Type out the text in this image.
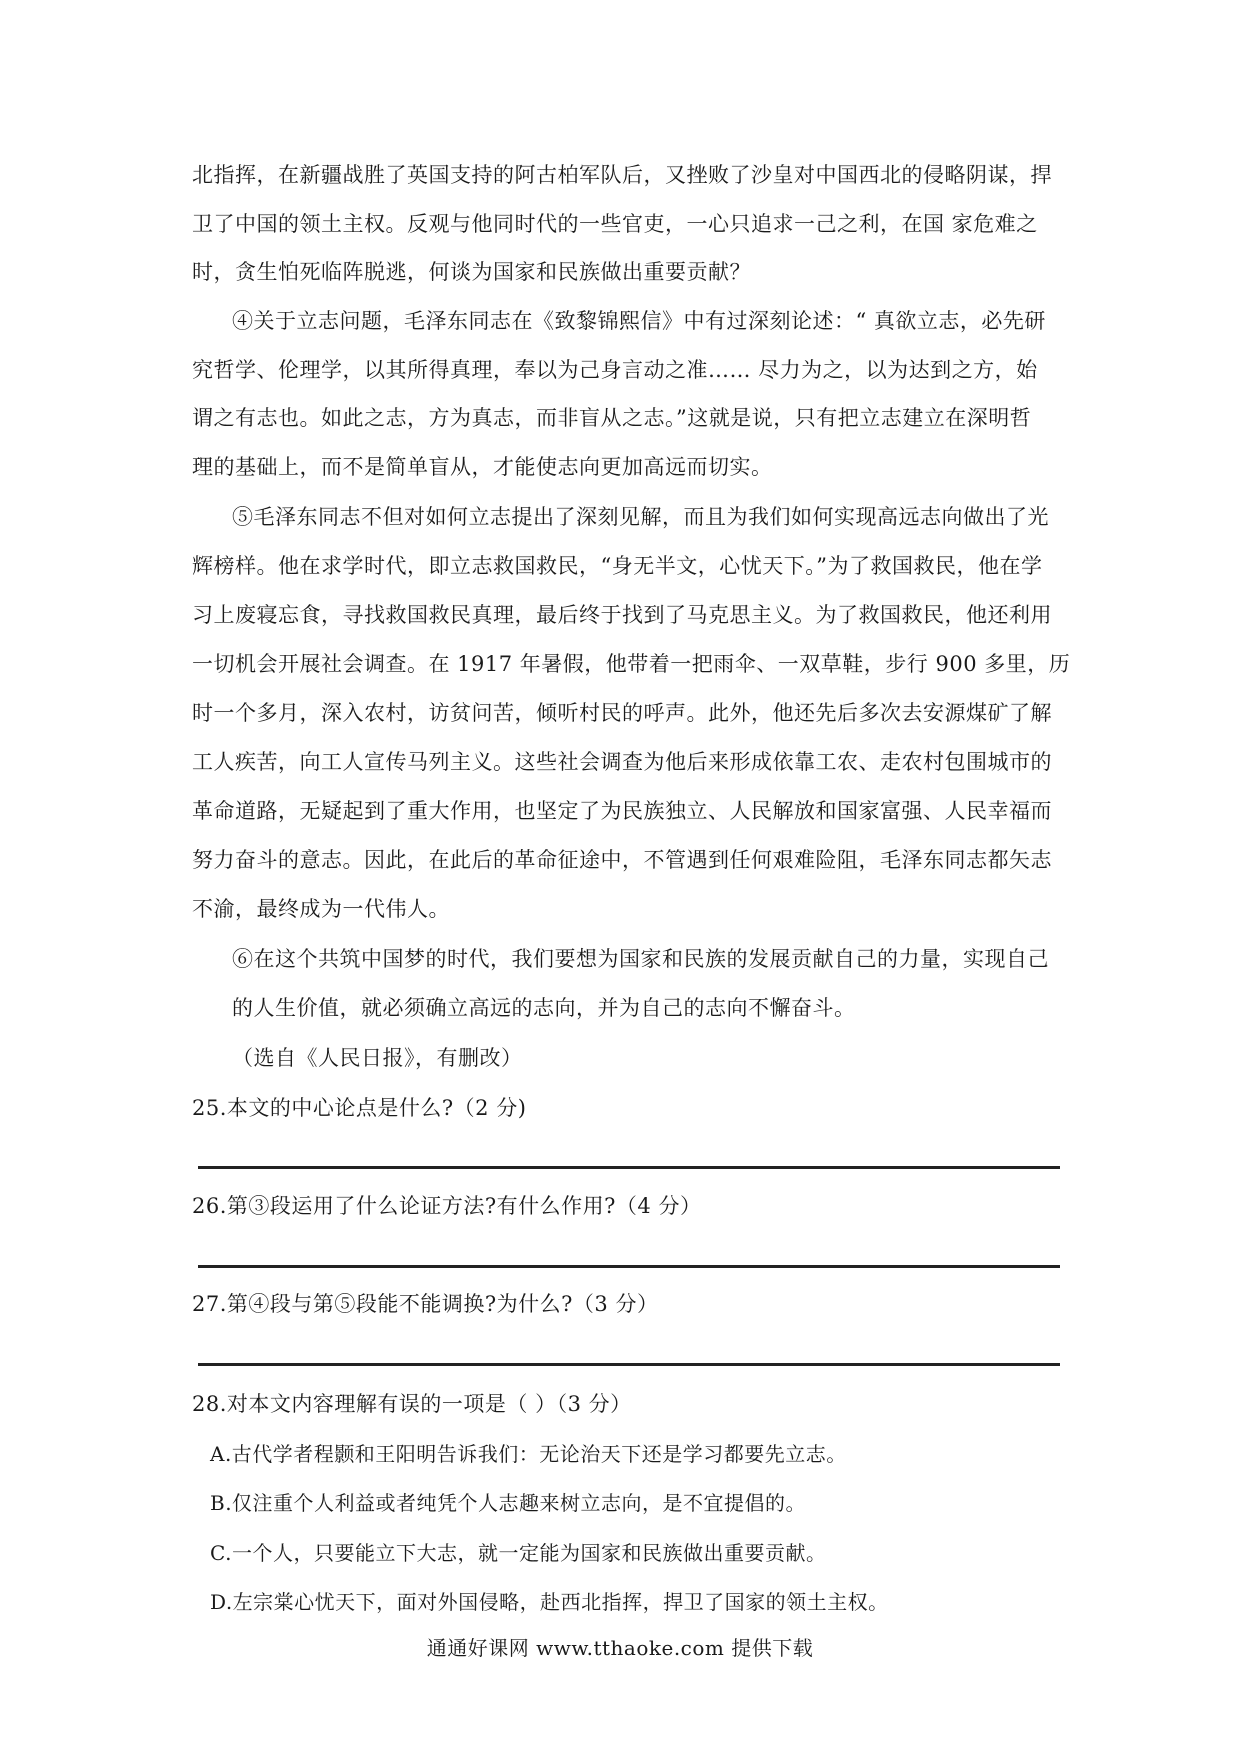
北指挥，在新疆战胜了英国支持的阿古柏军队后，又挫败了沙皇对中国西北的侵略阴谋，捍
卫了中国的领土主权。反观与他同时代的一些官吏，一心只追求一己之利，在国 家危难之
时，贪生怕死临阵脱逃，何谈为国家和民族做出重要贡献？
④关于立志问题，毛泽东同志在《致黎锦熙信》中有过深刻论述：“ 真欲立志，必先研
究哲学、伦理学，以其所得真理，奉以为己身言动之准…… 尽力为之，以为达到之方，始
谓之有志也。如此之志，方为真志，而非盲从之志。”这就是说，只有把立志建立在深明哲
理的基础上，而不是简单盲从，才能使志向更加高远而切实。
⑤毛泽东同志不但对如何立志提出了深刻见解，而且为我们如何实现高远志向做出了光
辉榜样。他在求学时代，即立志救国救民，“身无半文，心忧天下。”为了救国救民，他在学
习上废寝忘食，寻找救国救民真理，最后终于找到了马克思主义。为了救国救民，他还利用
一切机会开展社会调查。在 1917 年暑假，他带着一把雨伞、一双草鞋，步行 900 多里，历
时一个多月，深入农村，访贫问苦，倾听村民的呼声。此外，他还先后多次去安源煤矿了解
工人疾苦，向工人宣传马列主义。这些社会调查为他后来形成依靠工农、走农村包围城市的
革命道路，无疑起到了重大作用，也坚定了为民族独立、人民解放和国家富强、人民幸福而
努力奋斗的意志。因此，在此后的革命征途中，不管遇到任何艰难险阻，毛泽东同志都矢志
不渝，最终成为一代伟人。
⑥在这个共筑中国梦的时代，我们要想为国家和民族的发展贡献自己的力量，实现自己
的人生价值，就必须确立高远的志向，并为自己的志向不懈奋斗。
（选自《人民日报》，有删改）
25.本文的中心论点是什么?（2 分)
26.第③段运用了什么论证方法?有什么作用?（4 分）
27.第④段与第⑤段能不能调换?为什么?（3 分）
28.对本文内容理解有误的一项是（ ）（3 分）
A.古代学者程颢和王阳明告诉我们：无论治天下还是学习都要先立志。
B.仅注重个人利益或者纯凭个人志趣来树立志向，是不宜提倡的。
C.一个人，只要能立下大志，就一定能为国家和民族做出重要贡献。
D.左宗棠心忧天下，面对外国侵略，赴西北指挥，捍卫了国家的领土主权。
通通好课网 www.tthaoke.com 提供下载
